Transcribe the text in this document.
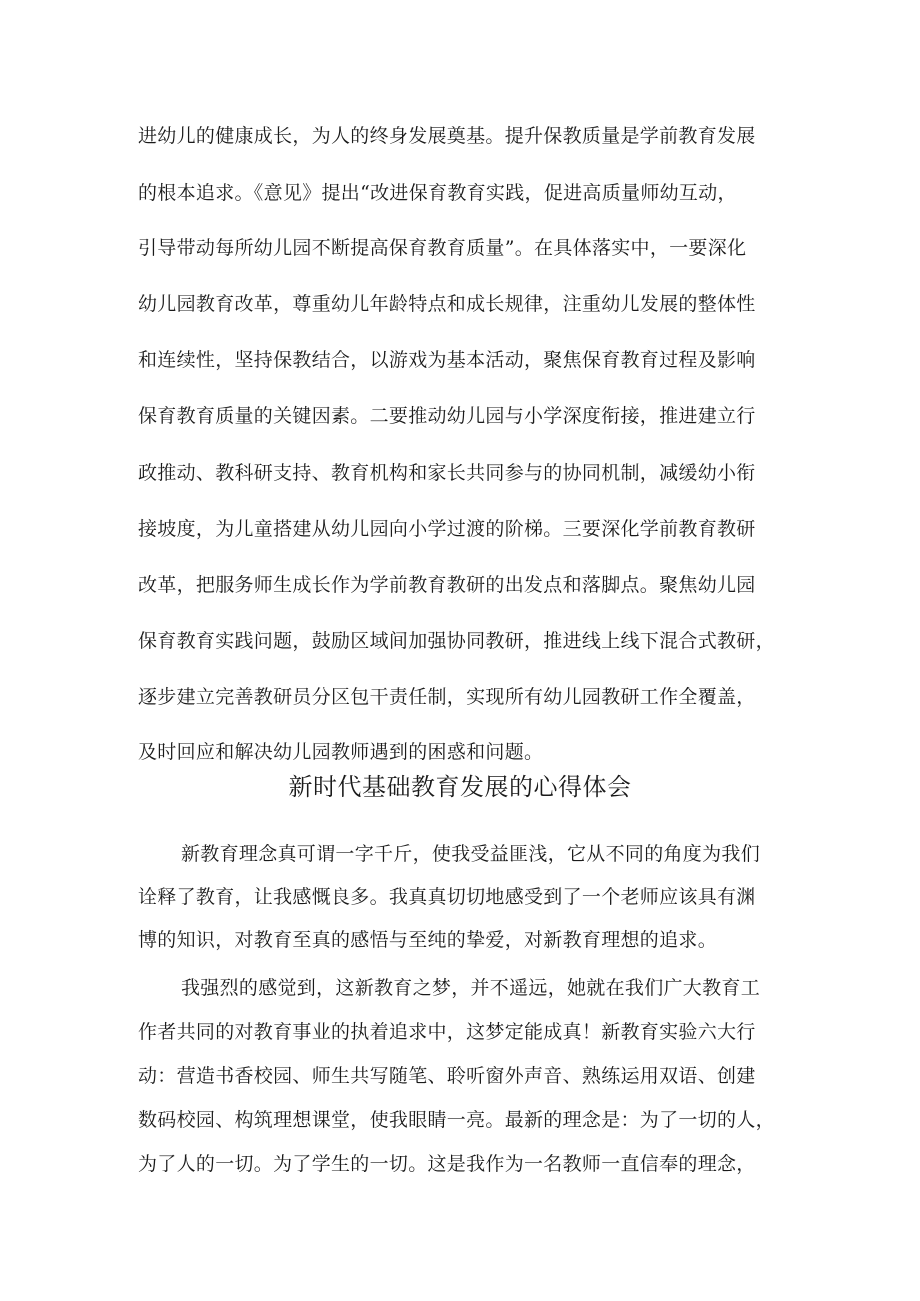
进幼儿的健康成长，为人的终身发展奠基。提升保教质量是学前教育发展
的根本追求。《意见》提出“改进保育教育实践，促进高质量师幼互动，
引导带动每所幼儿园不断提高保育教育质量”。在具体落实中，一要深化
幼儿园教育改革，尊重幼儿年龄特点和成长规律，注重幼儿发展的整体性
和连续性，坚持保教结合，以游戏为基本活动，聚焦保育教育过程及影响
保育教育质量的关键因素。二要推动幼儿园与小学深度衔接，推进建立行
政推动、教科研支持、教育机构和家长共同参与的协同机制，减缓幼小衔
接坡度，为儿童搭建从幼儿园向小学过渡的阶梯。三要深化学前教育教研
改革，把服务师生成长作为学前教育教研的出发点和落脚点。聚焦幼儿园
保育教育实践问题，鼓励区域间加强协同教研，推进线上线下混合式教研，
逐步建立完善教研员分区包干责任制，实现所有幼儿园教研工作全覆盖，
及时回应和解决幼儿园教师遇到的困惑和问题。
新时代基础教育发展的心得体会
新教育理念真可谓一字千斤，使我受益匪浅，它从不同的角度为我们
诠释了教育，让我感慨良多。我真真切切地感受到了一个老师应该具有渊
博的知识，对教育至真的感悟与至纯的挚爱，对新教育理想的追求。
我强烈的感觉到，这新教育之梦，并不遥远，她就在我们广大教育工
作者共同的对教育事业的执着追求中，这梦定能成真！新教育实验六大行
动：营造书香校园、师生共写随笔、聆听窗外声音、熟练运用双语、创建
数码校园、构筑理想课堂，使我眼睛一亮。最新的理念是：为了一切的人，
为了人的一切。为了学生的一切。这是我作为一名教师一直信奉的理念，
